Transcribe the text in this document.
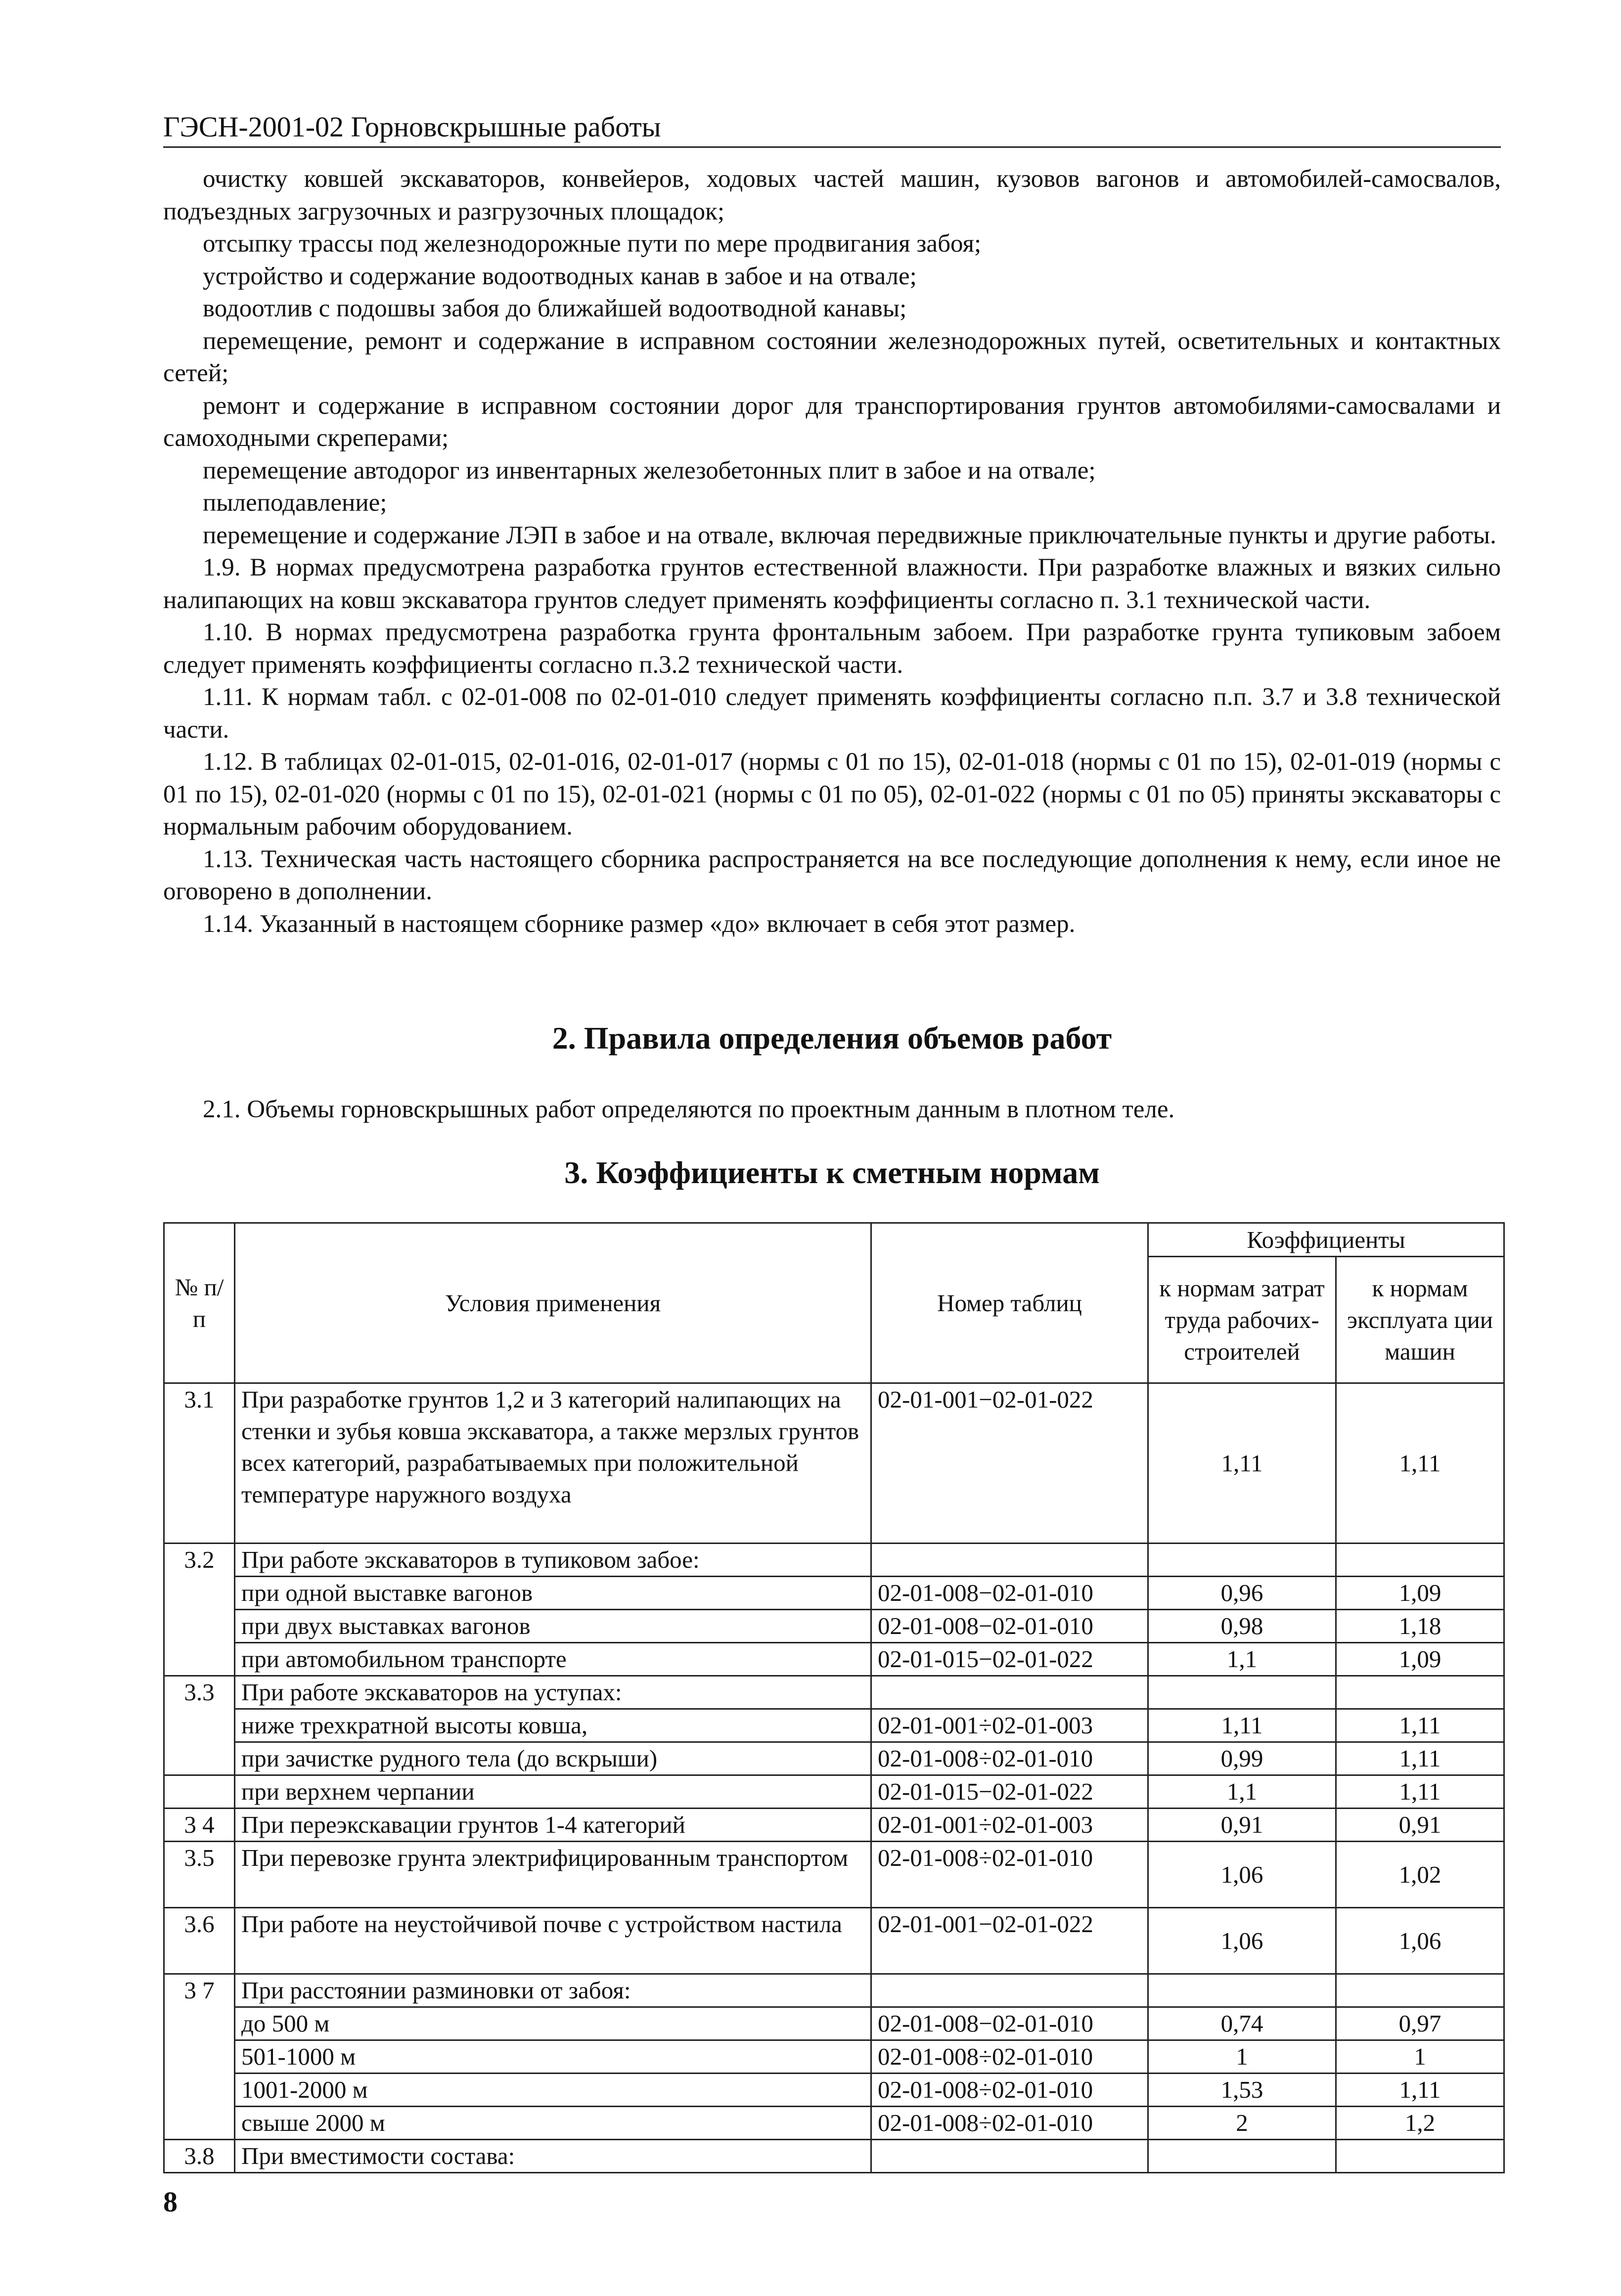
ГЭСН-2001-02 Горновскрышные работы

очистку ковшей экскаваторов, конвейеров, ходовых частей машин, кузовов вагонов и автомобилей-самосвалов, подъездных загрузочных и разгрузочных площадок;

отсыпку трассы под железнодорожные пути по мере продвигания забоя;

устройство и содержание водоотводных канав в забое и на отвале;

водоотлив с подошвы забоя до ближайшей водоотводной канавы;

перемещение, ремонт и содержание в исправном состоянии железнодорожных путей, осветительных и контактных сетей;

ремонт и содержание в исправном состоянии дорог для транспортирования грунтов автомобилями-самосвалами и самоходными скреперами;

перемещение автодорог из инвентарных железобетонных плит в забое и на отвале;

пылеподавление;

перемещение и содержание ЛЭП в забое и на отвале, включая передвижные приключательные пункты и другие работы.

1.9. В нормах предусмотрена разработка грунтов естественной влажности. При разработке влажных и вязких сильно налипающих на ковш экскаватора грунтов следует применять коэффициенты согласно п. 3.1 технической части.

1.10. В нормах предусмотрена разработка грунта фронтальным забоем. При разработке грунта тупиковым забоем следует применять коэффициенты согласно п.3.2 технической части.

1.11. К нормам табл. с 02-01-008 по 02-01-010 следует применять коэффициенты согласно п.п. 3.7 и 3.8 технической части.

1.12. В таблицах 02-01-015, 02-01-016, 02-01-017 (нормы с 01 по 15), 02-01-018 (нормы с 01 по 15), 02-01-019 (нормы с 01 по 15), 02-01-020 (нормы с 01 по 15), 02-01-021 (нормы с 01 по 05), 02-01-022 (нормы с 01 по 05) приняты экскаваторы с нормальным рабочим оборудованием.

1.13. Техническая часть настоящего сборника распространяется на все последующие дополнения к нему, если иное не оговорено в дополнении.

1.14. Указанный в настоящем сборнике размер «до» включает в себя этот размер.

2. Правила определения объемов работ
2.1. Объемы горновскрышных работ определяются по проектным данным в плотном теле.
3. Коэффициенты к сметным нормам
№ п/п	Условия применения	Номер таблиц	Коэффициенты	
			к нормам затрат труда рабочих-строителей	к нормам эксплуата ции машин
3.1	При разработке грунтов 1,2 и 3 категорий налипающих на стенки и зубья ковша экскаватора, а также мерзлых грунтов всех категорий, разрабатываемых при положительной температуре наружного воздуха	02-01-001−02-01-022	1,11	1,11
3.2	При работе экскаваторов в тупиковом забое:			
	при одной выставке вагонов	02-01-008−02-01-010	0,96	1,09
	при двух выставках вагонов	02-01-008−02-01-010	0,98	1,18
	при автомобильном транспорте	02-01-015−02-01-022	1,1	1,09
3.3	При работе экскаваторов на уступах:			
	ниже трехкратной высоты ковша,	02-01-001÷02-01-003	1,11	1,11
	при зачистке рудного тела (до вскрыши)	02-01-008÷02-01-010	0,99	1,11
	при верхнем черпании	02-01-015−02-01-022	1,1	1,11
3 4	При переэкскавации грунтов 1-4 категорий	02-01-001÷02-01-003	0,91	0,91
3.5	При перевозке грунта электрифицированным транспортом	02-01-008÷02-01-010	1,06	1,02
3.6	При работе на неустойчивой почве с устройством настила	02-01-001−02-01-022	1,06	1,06
3 7	При расстоянии разминовки от забоя:			
	до 500 м	02-01-008−02-01-010	0,74	0,97
	501-1000 м	02-01-008÷02-01-010	1	1
	1001-2000 м	02-01-008÷02-01-010	1,53	1,11
	свыше 2000 м	02-01-008÷02-01-010	2	1,2
3.8	При вместимости состава:			
8
